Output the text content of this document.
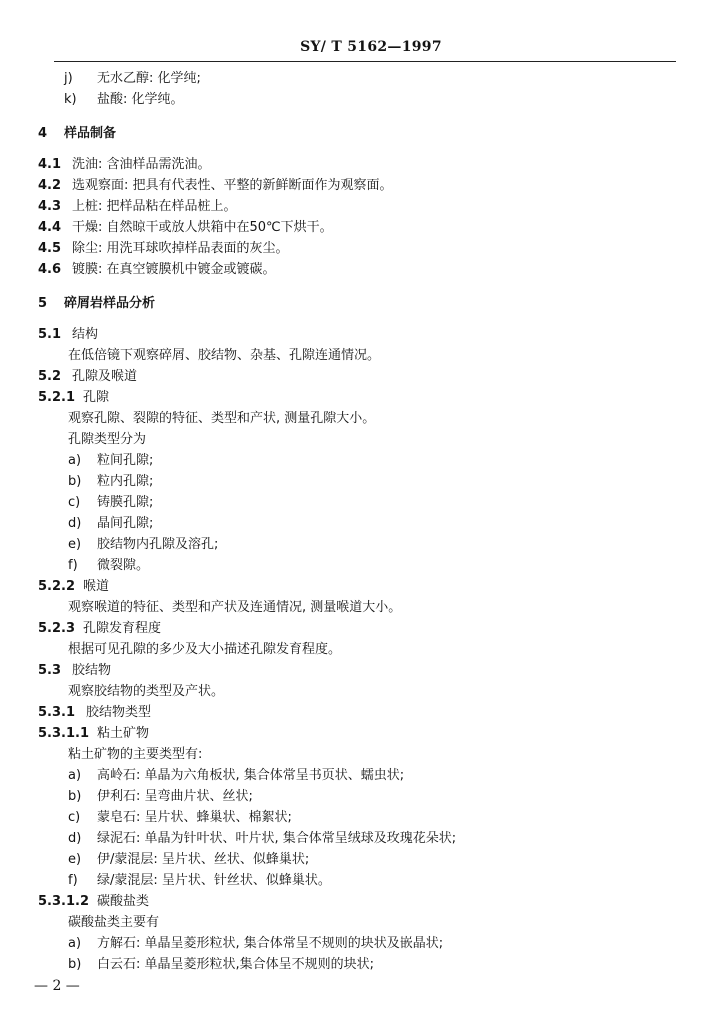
SY/ T 5162—1997
j) 无水乙醇: 化学纯;
k) 盐酸: 化学纯。
4 样品制备
4.1 洗油: 含油样品需洗油。
4.2 选观察面: 把具有代表性、平整的新鲜断面作为观察面。
4.3 上桩: 把样品粘在样品桩上。
4.4 干燥: 自然晾干或放人烘箱中在50℃下烘干。
4.5 除尘: 用洗耳球吹掉样品表面的灰尘。
4.6 镀膜: 在真空镀膜机中镀金或镀碳。
5 碎屑岩样品分析
5.1 结构
在低倍镜下观察碎屑、胶结物、杂基、孔隙连通情况。
5.2 孔隙及喉道
5.2.1 孔隙
观察孔隙、裂隙的特征、类型和产状, 测量孔隙大小。
孔隙类型分为
a) 粒间孔隙;
b) 粒内孔隙;
c) 铸膜孔隙;
d) 晶间孔隙;
e) 胶结物内孔隙及溶孔;
f) 微裂隙。
5.2.2 喉道
观察喉道的特征、类型和产状及连通情况, 测量喉道大小。
5.2.3 孔隙发育程度
根据可见孔隙的多少及大小描述孔隙发育程度。
5.3 胶结物
观察胶结物的类型及产状。
5.3.1 胶结物类型
5.3.1.1 粘土矿物
粘土矿物的主要类型有:
a) 高岭石: 单晶为六角板状, 集合体常呈书页状、蠕虫状;
b) 伊利石: 呈弯曲片状、丝状;
c) 蒙皂石: 呈片状、蜂巢状、棉絮状;
d) 绿泥石: 单晶为针叶状、叶片状, 集合体常呈绒球及玫瑰花朵状;
e) 伊/蒙混层: 呈片状、丝状、似蜂巢状;
f) 绿/蒙混层: 呈片状、针丝状、似蜂巢状。
5.3.1.2 碳酸盐类
碳酸盐类主要有
a) 方解石: 单晶呈菱形粒状, 集合体常呈不规则的块状及嵌晶状;
b) 白云石: 单晶呈菱形粒状,集合体呈不规则的块状;
— 2 —
